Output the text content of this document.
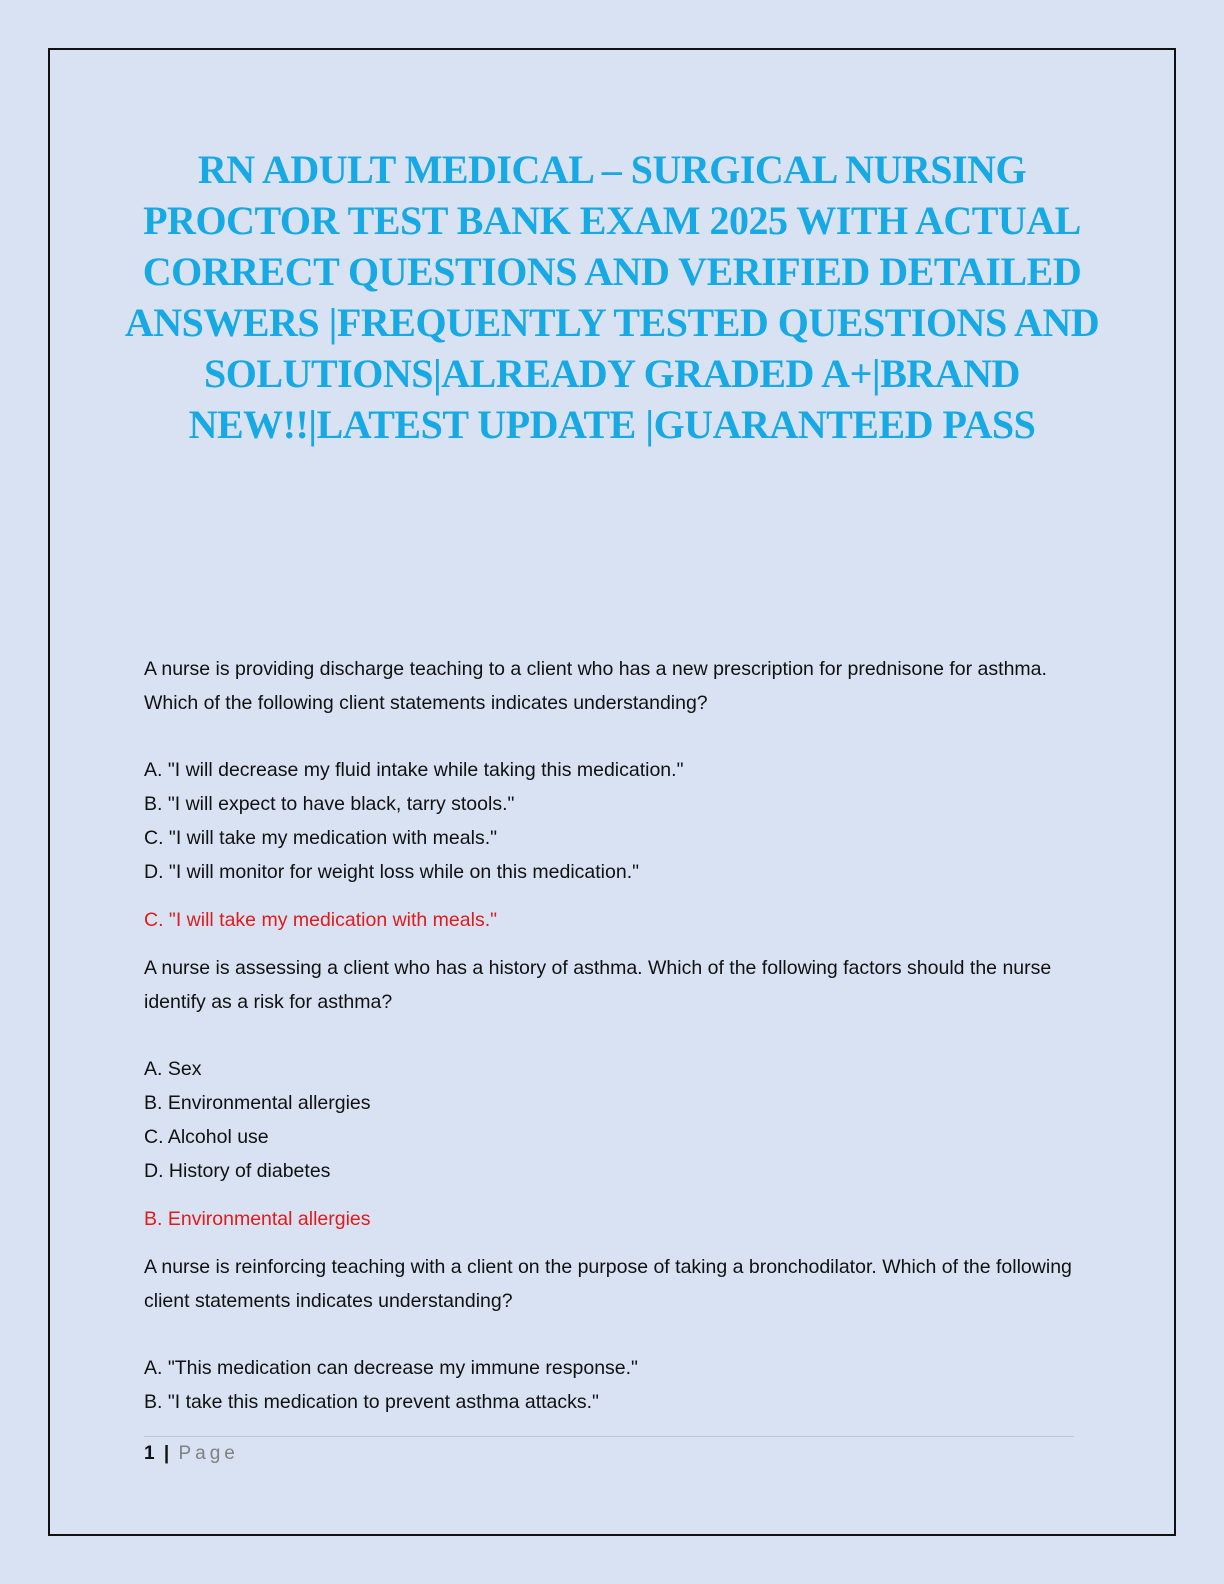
RN ADULT MEDICAL – SURGICAL NURSING PROCTOR TEST BANK EXAM 2025 WITH ACTUAL CORRECT QUESTIONS AND VERIFIED DETAILED ANSWERS |FREQUENTLY TESTED QUESTIONS AND SOLUTIONS|ALREADY GRADED A+|BRAND NEW!!|LATEST UPDATE |GUARANTEED PASS

A nurse is providing discharge teaching to a client who has a new prescription for prednisone for asthma. Which of the following client statements indicates understanding?

A. "I will decrease my fluid intake while taking this medication."
B. "I will expect to have black, tarry stools."
C. "I will take my medication with meals."
D. "I will monitor for weight loss while on this medication."

C. "I will take my medication with meals."

A nurse is assessing a client who has a history of asthma. Which of the following factors should the nurse identify as a risk for asthma?

A. Sex
B. Environmental allergies
C. Alcohol use
D. History of diabetes

B. Environmental allergies

A nurse is reinforcing teaching with a client on the purpose of taking a bronchodilator. Which of the following client statements indicates understanding?

A. "This medication can decrease my immune response."
B. "I take this medication to prevent asthma attacks."
1 | Page
